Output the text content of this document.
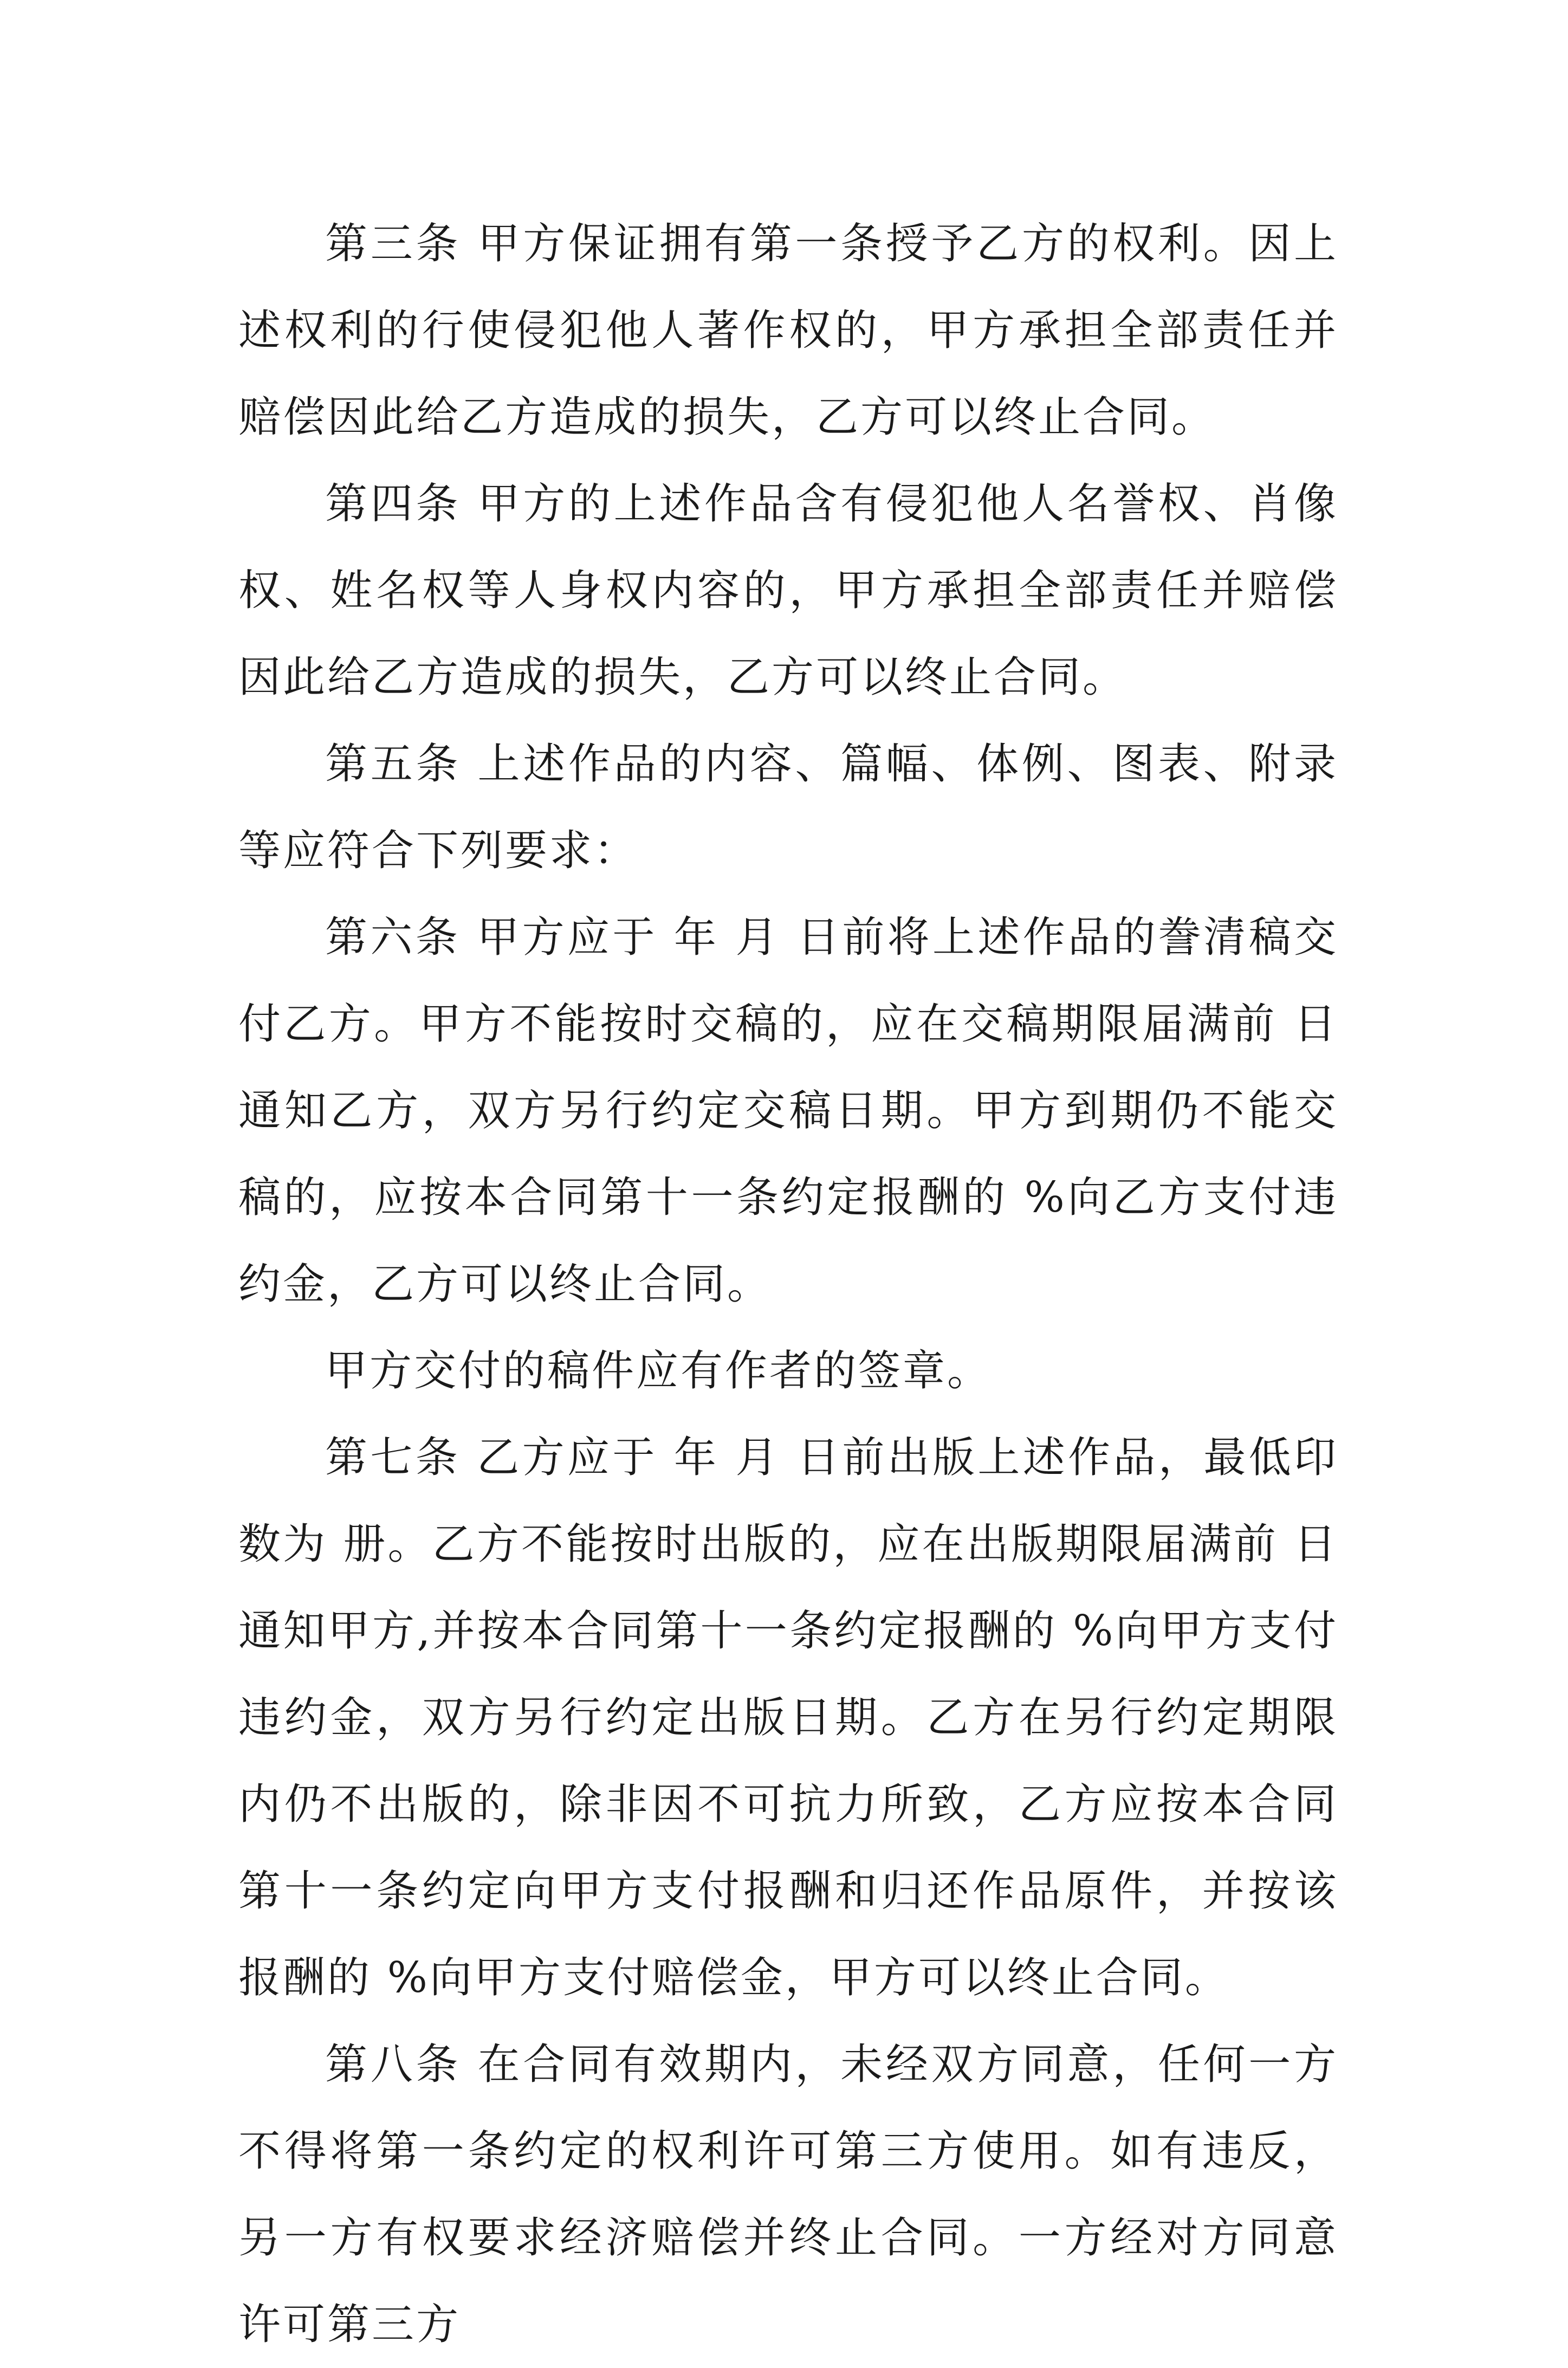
第三条 甲方保证拥有第一条授予乙方的权利。因上述权利的行使侵犯他人著作权的，甲方承担全部责任并赔偿因此给乙方造成的损失，乙方可以终止合同。

第四条 甲方的上述作品含有侵犯他人名誉权、肖像权、姓名权等人身权内容的，甲方承担全部责任并赔偿因此给乙方造成的损失，乙方可以终止合同。

第五条 上述作品的内容、篇幅、体例、图表、附录等应符合下列要求：

第六条 甲方应于 年 月 日前将上述作品的誊清稿交付乙方。甲方不能按时交稿的，应在交稿期限届满前 日通知乙方，双方另行约定交稿日期。甲方到期仍不能交稿的，应按本合同第十一条约定报酬的 %向乙方支付违约金，乙方可以终止合同。

甲方交付的稿件应有作者的签章。

第七条 乙方应于 年 月 日前出版上述作品，最低印数为 册。乙方不能按时出版的，应在出版期限届满前 日通知甲方,并按本合同第十一条约定报酬的 %向甲方支付违约金，双方另行约定出版日期。乙方在另行约定期限内仍不出版的，除非因不可抗力所致，乙方应按本合同第十一条约定向甲方支付报酬和归还作品原件，并按该报酬的 %向甲方支付赔偿金，甲方可以终止合同。

第八条 在合同有效期内，未经双方同意，任何一方不得将第一条约定的权利许可第三方使用。如有违反，另一方有权要求经济赔偿并终止合同。一方经对方同意许可第三方
